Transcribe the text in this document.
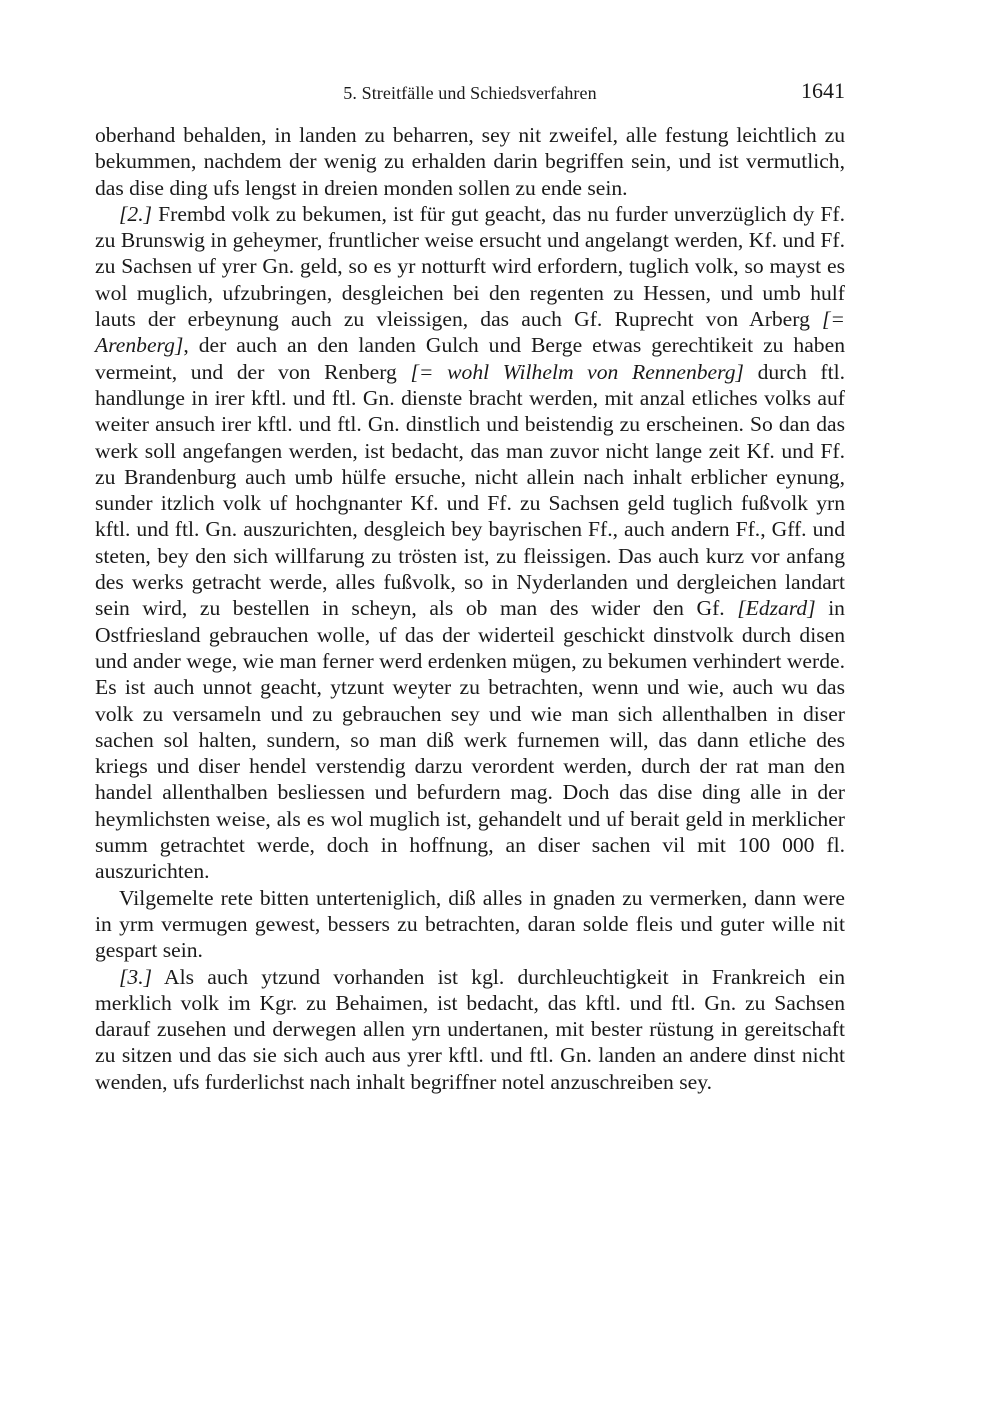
5. Streitfälle und Schiedsverfahren	1641

oberhand behalden, in landen zu beharren, sey nit zweifel, alle festung leichtlich zu bekummen, nachdem der wenig zu erhalden darin begriffen sein, und ist vermutlich, das dise ding ufs lengst in dreien monden sollen zu ende sein.

[2.] Frembd volk zu bekumen, ist für gut geacht, das nu furder unverzüglich dy Ff. zu Brunswig in geheymer, fruntlicher weise ersucht und angelangt werden, Kf. und Ff. zu Sachsen uf yrer Gn. geld, so es yr notturft wird erfordern, tuglich volk, so mayst es wol muglich, ufzubringen, desgleichen bei den regenten zu Hessen, und umb hulf lauts der erbeynung auch zu vleissigen, das auch Gf. Ruprecht von Arberg [= Arenberg], der auch an den landen Gulch und Berge etwas gerechtikeit zu haben vermeint, und der von Renberg [= wohl Wilhelm von Rennenberg] durch ftl. handlunge in irer kftl. und ftl. Gn. dienste bracht werden, mit anzal etliches volks auf weiter ansuch irer kftl. und ftl. Gn. dinstlich und beistendig zu erscheinen. So dan das werk soll angefangen werden, ist bedacht, das man zuvor nicht lange zeit Kf. und Ff. zu Brandenburg auch umb hülfe ersuche, nicht allein nach inhalt erblicher eynung, sunder itzlich volk uf hochgnanter Kf. und Ff. zu Sachsen geld tuglich fußvolk yrn kftl. und ftl. Gn. auszurichten, desgleich bey bayrischen Ff., auch andern Ff., Gff. und steten, bey den sich willfarung zu trösten ist, zu fleissigen. Das auch kurz vor anfang des werks getracht werde, alles fußvolk, so in Nyderlanden und dergleichen landart sein wird, zu bestellen in scheyn, als ob man des wider den Gf. [Edzard] in Ostfriesland gebrauchen wolle, uf das der widerteil geschickt dinstvolk durch disen und ander wege, wie man ferner werd erdenken mügen, zu bekumen verhindert werde. Es ist auch unnot geacht, ytzunt weyter zu betrachten, wenn und wie, auch wu das volk zu versameln und zu gebrauchen sey und wie man sich allenthalben in diser sachen sol halten, sundern, so man diß werk furnemen will, das dann etliche des kriegs und diser hendel verstendig darzu verordent werden, durch der rat man den handel allenthalben besliessen und befurdern mag. Doch das dise ding alle in der heymlichsten weise, als es wol muglich ist, gehandelt und uf berait geld in merklicher summ getrachtet werde, doch in hoffnung, an diser sachen vil mit 100 000 fl. auszurichten.

Vilgemelte rete bitten unterteniglich, diß alles in gnaden zu vermerken, dann were in yrm vermugen gewest, bessers zu betrachten, daran solde fleis und guter wille nit gespart sein.

[3.] Als auch ytzund vorhanden ist kgl. durchleuchtigkeit in Frankreich ein merklich volk im Kgr. zu Behaimen, ist bedacht, das kftl. und ftl. Gn. zu Sachsen darauf zusehen und derwegen allen yrn undertanen, mit bester rüstung in gereitschaft zu sitzen und das sie sich auch aus yrer kftl. und ftl. Gn. landen an andere dinst nicht wenden, ufs furderlichst nach inhalt begriffner notel anzuschreiben sey.
